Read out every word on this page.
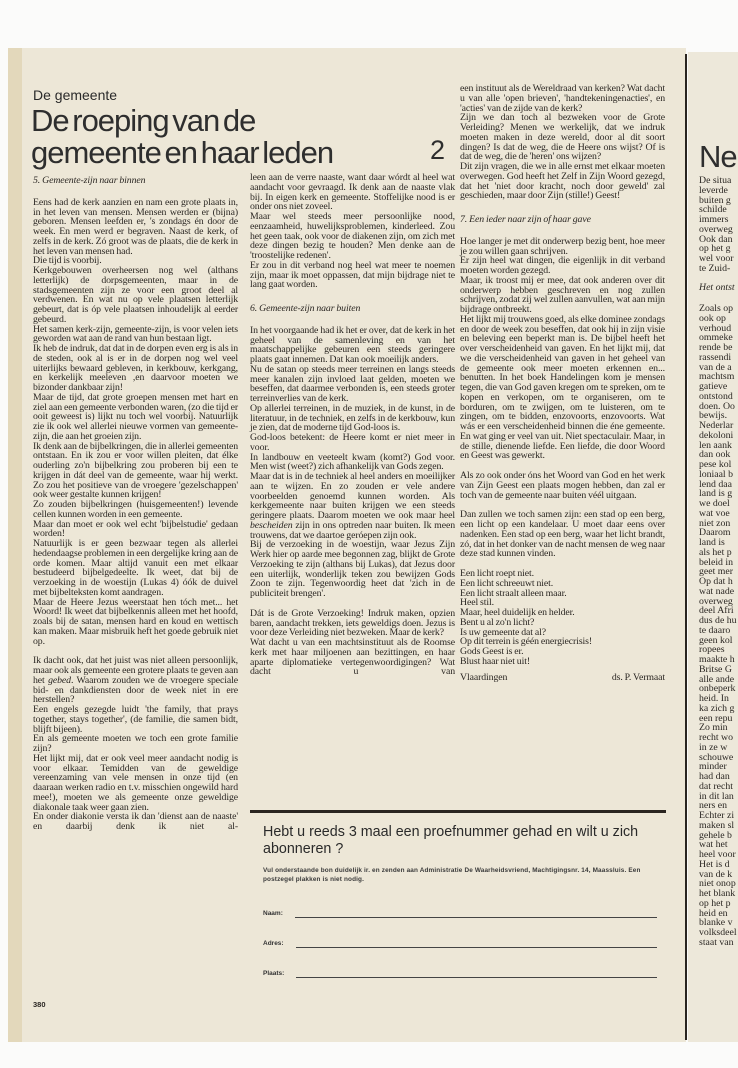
De gemeente
De roeping van de
gemeente en haar leden	2

5. Gemeente-zijn naar binnen

Eens had de kerk aanzien en nam een grote plaats in, in het leven van mensen. Mensen werden er (bijna) geboren. Mensen leefden er, 's zondags én door de week. En men werd er begraven. Naast de kerk, of zelfs in de kerk. Zó groot was de plaats, die de kerk in het leven van mensen had.

Die tijd is voorbij.

Kerkgebouwen overheersen nog wel (althans letterlijk) de dorpsgemeenten, maar in de stadsgemeenten zijn ze voor een groot deel al verdwenen. En wat nu op vele plaatsen letterlijk gebeurt, dat is óp vele plaatsen inhoudelijk al eerder gebeurd.

Het samen kerk-zijn, gemeente-zijn, is voor velen iets geworden wat aan de rand van hun bestaan ligt.

Ik heb de indruk, dat dat in de dorpen even erg is als in de steden, ook al is er in de dorpen nog wel veel uiterlijks bewaard gebleven, in kerkbouw, kerkgang, en kerkelijk meeleven ,en daarvoor moeten we bizonder dankbaar zijn!

Maar de tijd, dat grote groepen mensen met hart en ziel aan een gemeente verbonden waren, (zo die tijd er ooit geweest is) lijkt nu toch wel voorbij. Natuurlijk zie ik ook wel allerlei nieuwe vormen van gemeente-zijn, die aan het groeien zijn.

Ik denk aan de bijbelkringen, die in allerlei gemeenten ontstaan. En ik zou er voor willen pleiten, dat élke ouderling zo'n bijbelkring zou proberen bij een te krijgen in dát deel van de gemeente, waar hij werkt. Zo zou het positieve van de vroegere 'gezelschappen' ook weer gestalte kunnen krijgen!

Zo zouden bijbelkringen (huisgemeenten!) levende cellen kunnen worden in een gemeente.

Maar dan moet er ook wel echt 'bijbelstudie' gedaan worden!

Natuurlijk is er geen bezwaar tegen als allerlei hedendaagse problemen in een dergelijke kring aan de orde komen. Maar altijd vanuit een met elkaar bestudeerd bijbelgedeelte. Ik weet, dat bij de verzoeking in de woestijn (Lukas 4) óók de duivel met bijbelteksten komt aandragen.

Maar de Heere Jezus weerstaat hen tóch met... het Woord! Ik weet dat bijbelkennis alleen met het hoofd, zoals bij de satan, mensen hard en koud en wettisch kan maken. Maar misbruik heft het goede gebruik niet op.

Ik dacht ook, dat het juist was niet alleen persoonlijk, maar ook als gemeente een grotere plaats te geven aan het gebed. Waarom zouden we de vroegere speciale bid- en dankdiensten door de week niet in ere herstellen?

Een engels gezegde luidt 'the family, that prays together, stays together', (de familie, die samen bidt, blijft bijeen).

En als gemeente moeten we toch een grote familie zijn?

Het lijkt mij, dat er ook veel meer aandacht nodig is voor elkaar. Temidden van de geweldige vereenzaming van vele mensen in onze tijd (en daaraan werken radio en t.v. misschien ongewild hard mee!), moeten we als gemeente onze geweldige diakonale taak weer gaan zien.

En onder diakonie versta ik dan 'dienst aan de naaste' en daarbij denk ik niet al-

leen aan de verre naaste, want daar wórdt al heel wat aandacht voor gevraagd. Ik denk aan de naaste vlak bij. In eigen kerk en gemeente. Stoffelijke nood is er onder ons niet zoveel.

Maar wel steeds meer persoonlijke nood, eenzaamheid, huwelijksproblemen, kinderleed. Zou het geen taak, ook voor de diakenen zijn, om zich met deze dingen bezig te houden? Men denke aan de 'troostelijke redenen'.

Er zou in dit verband nog heel wat meer te noemen zijn, maar ik moet oppassen, dat mijn bijdrage niet te lang gaat worden.

6. Gemeente-zijn naar buiten

In het voorgaande had ik het er over, dat de kerk in het geheel van de samenleving en van het maatschappelijke gebeuren een steeds geringere plaats gaat innemen. Dat kan ook moeilijk anders.

Nu de satan op steeds meer terreinen en langs steeds meer kanalen zijn invloed laat gelden, moeten we beseffen, dat daarmee verbonden is, een steeds groter terreinverlies van de kerk.

Op allerlei terreinen, in de muziek, in de kunst, in de literatuur, in de techniek, en zelfs in de kerkbouw, kun je zien, dat de moderne tijd God-loos is.

God-loos betekent: de Heere komt er niet meer in voor.

In landbouw en veeteelt kwam (komt?) God voor. Men wist (weet?) zich afhankelijk van Gods zegen.

Maar dat is in de techniek al heel anders en moeilijker aan te wijzen. En zo zouden er vele andere voorbeelden genoemd kunnen worden. Als kerkgemeente naar buiten krijgen we een steeds geringere plaats. Daarom moeten we ook maar heel bescheiden zijn in ons optreden naar buiten. Ik meen trouwens, dat we daartoe geróepen zijn ook.

Bij de verzoeking in de woestijn, waar Jezus Zijn Werk hier op aarde mee begonnen zag, blijkt de Grote Verzoeking te zijn (althans bij Lukas), dat Jezus door een uiterlijk, wonderlijk teken zou bewijzen Gods Zoon te zijn. Tegenwoordig heet dat 'zich in de publiciteit brengen'.

Dát is de Grote Verzoeking! Indruk maken, opzien baren, aandacht trekken, iets geweldigs doen. Jezus is voor deze Verleiding niet bezweken. Maar de kerk?

Wat dacht u van een machtsinstituut als de Roomse kerk met haar miljoenen aan bezittingen, en haar aparte diplomatieke vertegenwoordigingen? Wat dacht u van

een instituut als de Wereldraad van kerken? Wat dacht u van alle 'open brieven', 'handtekeningenacties', en 'acties' van de zijde van de kerk?

Zijn we dan toch al bezweken voor de Grote Verleiding? Menen we werkelijk, dat we indruk moeten maken in deze wereld, door al dit soort dingen? Is dat de weg, die de Heere ons wijst? Of is dat de weg, die de 'heren' ons wijzen?

Dit zijn vragen, die we in alle ernst met elkaar moeten overwegen. God heeft het Zelf in Zijn Woord gezegd, dat het 'niet door kracht, noch door geweld' zal geschieden, maar door Zijn (stille!) Geest!

7. Een ieder naar zijn of haar gave

Hoe langer je met dit onderwerp bezig bent, hoe meer je zou willen gaan schrijven.

Er zijn heel wat dingen, die eigenlijk in dit verband moeten worden gezegd.

Maar, ik troost mij er mee, dat ook anderen over dit onderwerp hebben geschreven en nog zullen schrijven, zodat zij wel zullen aanvullen, wat aan mijn bijdrage ontbreekt.

Het lijkt mij trouwens goed, als elke dominee zondags en door de week zou beseffen, dat ook hij in zijn visie en beleving een beperkt man is. De bijbel heeft het over verscheidenheid van gaven. En het lijkt mij, dat we die verscheidenheid van gaven in het geheel van de gemeente ook meer moeten erkennen en... benutten. In het boek Handelingen kom je mensen tegen, die van God gaven kregen om te spreken, om te kopen en verkopen, om te organiseren, om te borduren, om te zwijgen, om te luisteren, om te zingen, om te bidden, enzovoorts, enzovoorts. Wat wás er een verscheidenheid binnen die éne gemeente. En wat ging er veel van uit. Niet spectaculair. Maar, in de stille, dienende liefde. Een liefde, die door Woord en Geest was gewerkt.

Als zo ook onder óns het Woord van God en het werk van Zijn Geest een plaats mogen hebben, dan zal er toch van de gemeente naar buiten véél uitgaan.

Dan zullen we toch samen zijn: een stad op een berg, een licht op een kandelaar. U moet daar eens over nadenken. Een stad op een berg, waar het licht brandt, zó, dat in het donker van de nacht mensen de weg naar deze stad kunnen vinden.

Een licht roept niet.

Een licht schreeuwt niet.

Een licht straalt alleen maar.

Heel stil.

Maar, heel duidelijk en helder.

Bent u al zo'n licht?

Is uw gemeente dat al?

Op dit terrein is géén energiecrisis!

Gods Geest is er.

Blust haar niet uit!

Vlaardingen	ds. P. Vermaat
Hebt u reeds 3 maal een proefnummer gehad en wilt u zich abonneren ?
Vul onderstaande bon duidelijk ir. en zenden aan Administratie De Waarheidsvriend, Machtigingsnr. 14, Maassluis. Een postzegel plakken is niet nodig.
Naam:
Adres:
Plaats:
380
Ne
De situa
leverde
buiten g
schilde
immers
overweg
Ook dan
op het g
wel voor
te Zuid-
Het ontst
Zoals op
ook op
verhoud
ommeke
rende be
rassendi
van de a
machtsm
gatieve
ontstond
doen. Oo
bewijs.
Nederlar
dekoloni
len aank
dan ook
pese kol
loniaal b
lend daa
land is g
we doel
wat voe
niet zon
Daarom
land is
als het p
beleid in
geet mer
Op dat h
wat nade
overweg
deel Afri
dus de hu
te daaro
geen kol
ropees
maakte h
Britse G
alle ande
onbeperk
heid. In
ka zich g
een repu
Zo min
recht wo
in ze w
schouwe
minder
had dan
dat recht
in dit lan
ners en
Echter zi
maken sl
gehele b
wat het
heel voor
Het is d
van de k
niet onop
het blank
op het p
heid en
blanke v
volksdeel
staat van
